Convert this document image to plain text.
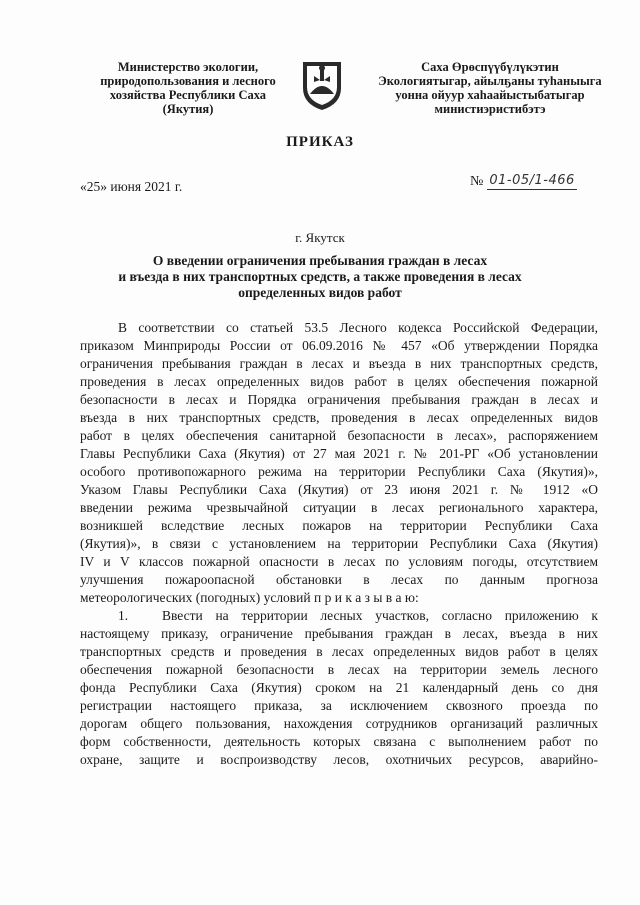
Министерство экологии,
природопользования и лесного
хозяйства Республики Саха
(Якутия)
Саха Өрөспүүбүлүкэтин
Экологиятыгар, айылҕаны туһаныыга
уонна ойуур хаһаайыстыбатыгар
министиэристибэтэ
ПРИКАЗ
«25» июня 2021 г.	№ 01-05/1-466
г. Якутск
О введении ограничения пребывания граждан в лесах
и въезда в них транспортных средств, а также проведения в лесах
определенных видов работ
В соответствии со статьей 53.5 Лесного кодекса Российской Федерации,
приказом Минприроды России от 06.09.2016 № 457 «Об утверждении Порядка
ограничения пребывания граждан в лесах и въезда в них транспортных средств,
проведения в лесах определенных видов работ в целях обеспечения пожарной
безопасности в лесах и Порядка ограничения пребывания граждан в лесах и
въезда в них транспортных средств, проведения в лесах определенных видов
работ в целях обеспечения санитарной безопасности в лесах», распоряжением
Главы Республики Саха (Якутия) от 27 мая 2021 г. № 201-РГ «Об установлении
особого противопожарного режима на территории Республики Саха (Якутия)»,
Указом Главы Республики Саха (Якутия) от 23 июня 2021 г. № 1912 «О
введении режима чрезвычайной ситуации в лесах регионального характера,
возникшей вследствие лесных пожаров на территории Республики Саха
(Якутия)», в связи с установлением на территории Республики Саха (Якутия)
IV и V классов пожарной опасности в лесах по условиям погоды, отсутствием
улучшения пожароопасной обстановки в лесах по данным прогноза
метеорологических (погодных) условий п р и к а з ы в а ю:
1.	Ввести на территории лесных участков, согласно приложению к
настоящему приказу, ограничение пребывания граждан в лесах, въезда в них
транспортных средств и проведения в лесах определенных видов работ в целях
обеспечения пожарной безопасности в лесах на территории земель лесного
фонда Республики Саха (Якутия) сроком на 21 календарный день со дня
регистрации настоящего приказа, за исключением сквозного проезда по
дорогам общего пользования, нахождения сотрудников организаций различных
форм собственности, деятельность которых связана с выполнением работ по
охране, защите и воспроизводству лесов, охотничьих ресурсов, аварийно-
